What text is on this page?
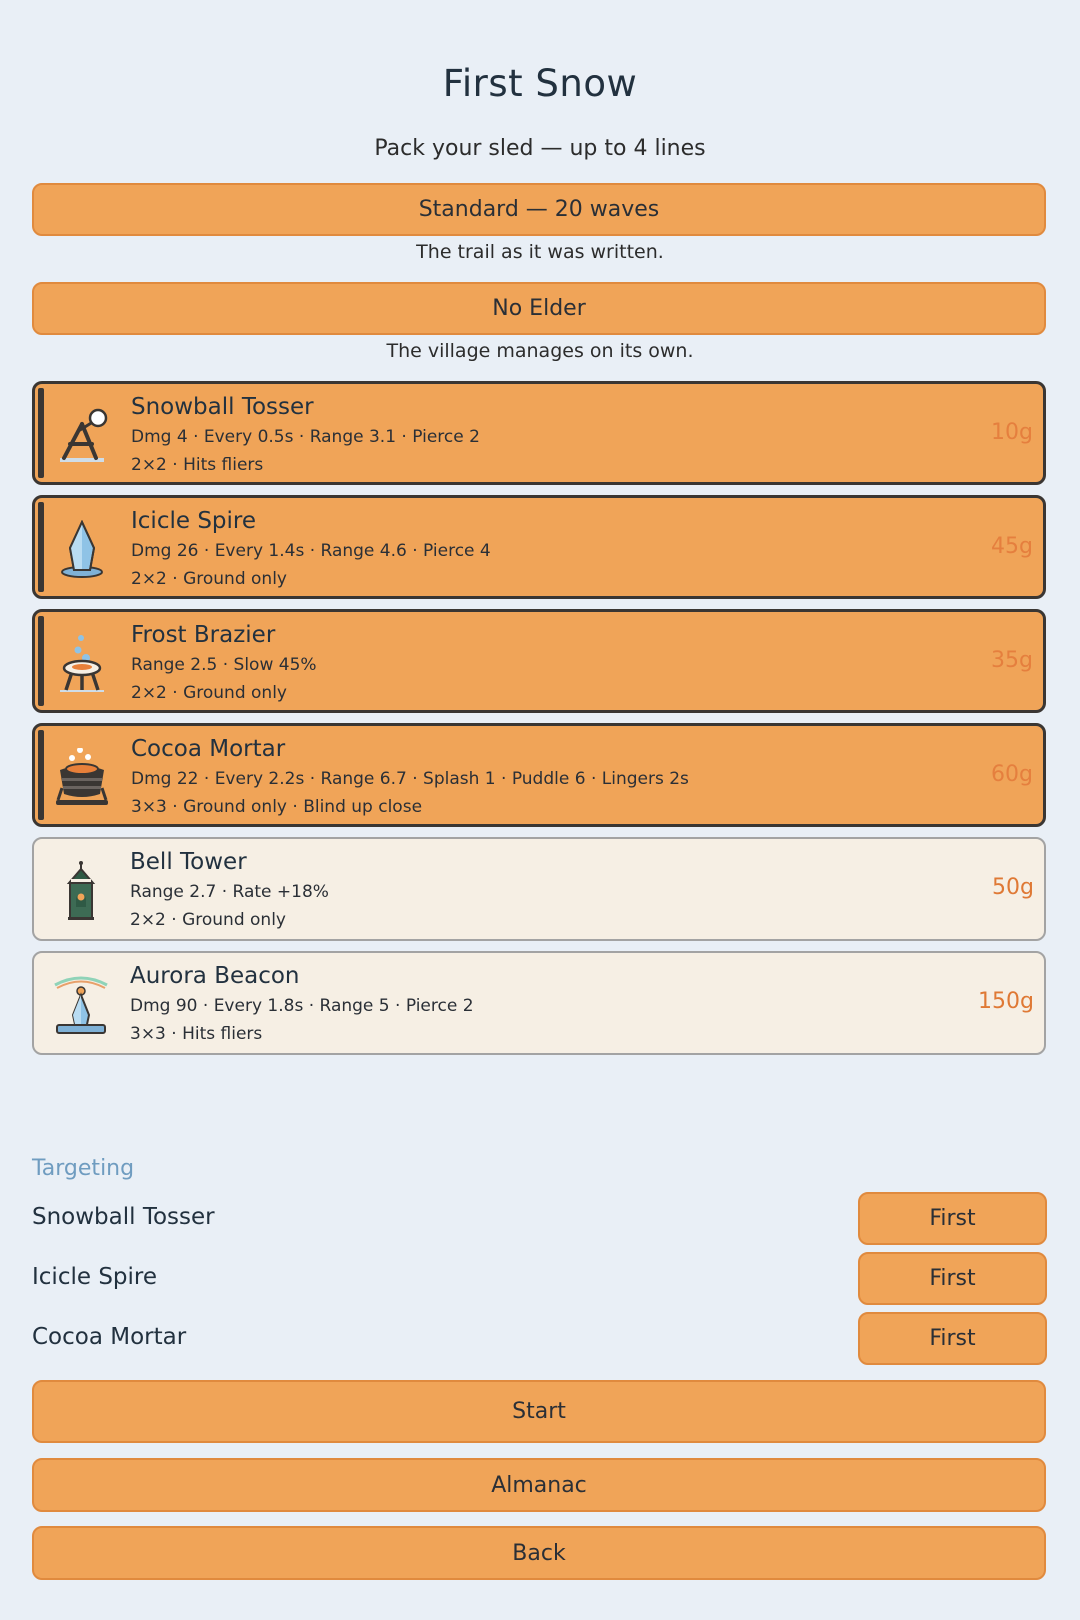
First Snow
Pack your sled — up to 4 lines
Standard — 20 waves
The trail as it was written.
No Elder
The village manages on its own.
Snowball Tosser
Dmg 4 · Every 0.5s · Range 3.1 · Pierce 2
2×2 · Hits fliers
10g
Icicle Spire
Dmg 26 · Every 1.4s · Range 4.6 · Pierce 4
2×2 · Ground only
45g
Frost Brazier
Range 2.5 · Slow 45%
2×2 · Ground only
35g
Cocoa Mortar
Dmg 22 · Every 2.2s · Range 6.7 · Splash 1 · Puddle 6 · Lingers 2s
3×3 · Ground only · Blind up close
60g
Bell Tower
Range 2.7 · Rate +18%
2×2 · Ground only
50g
Aurora Beacon
Dmg 90 · Every 1.8s · Range 5 · Pierce 2
3×3 · Hits fliers
150g
Targeting
Snowball Tosser	First
Icicle Spire	First
Cocoa Mortar	First
Start
Almanac
Back
